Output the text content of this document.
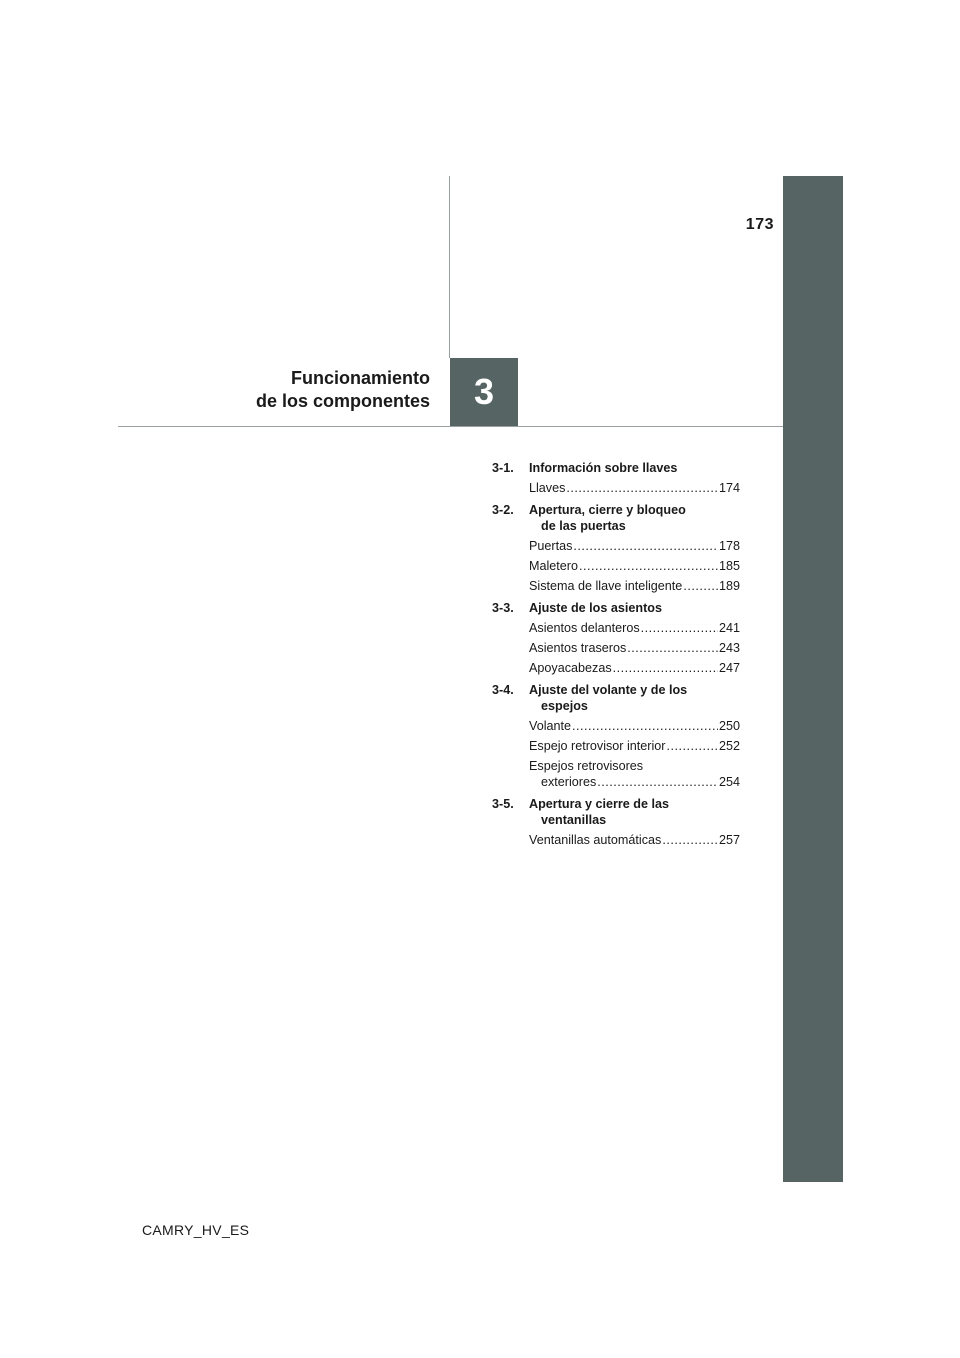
173
Funcionamiento
de los componentes	3
3-1.	Información sobre llaves
Llaves .....	174
3-2.	Apertura, cierre y bloqueo
de las puertas
Puertas .....	178
Maletero .....	185
Sistema de llave inteligente .....	189
3-3.	Ajuste de los asientos
Asientos delanteros .....	241
Asientos traseros .....	243
Apoyacabezas .....	247
3-4.	Ajuste del volante y de los
espejos
Volante .....	250
Espejo retrovisor interior .....	252
Espejos retrovisores
exteriores .....	254
3-5.	Apertura y cierre de las
ventanillas
Ventanillas automáticas .....	257
CAMRY_HV_ES
